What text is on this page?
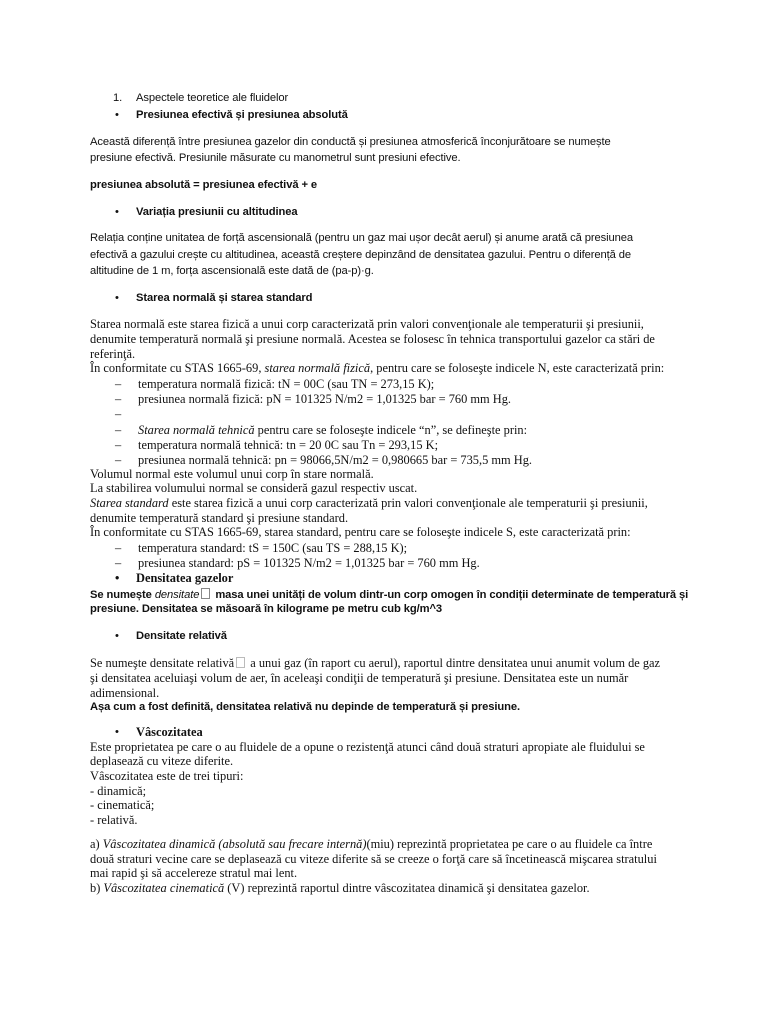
1. Aspectele teoretice ale fluidelor
• Presiunea efectivă și presiunea absolută
Această diferență între presiunea gazelor din conductă și presiunea atmosferică înconjurătoare se numește
presiune efectivă. Presiunile măsurate cu manometrul sunt presiuni efective.
presiunea absolută = presiunea efectivă + e
• Variația presiunii cu altitudinea
Relația conține unitatea de forță ascensională (pentru un gaz mai ușor decât aerul) și anume arată că presiunea
efectivă a gazului crește cu altitudinea, această creștere depinzând de densitatea gazului. Pentru o diferență de
altitudine de 1 m, forța ascensională este dată de (pa-p)·g.
• Starea normală și starea standard
Starea normală este starea fizică a unui corp caracterizată prin valori convenţionale ale temperaturii şi presiunii,
denumite temperatură normală şi presiune normală. Acestea se folosesc în tehnica transportului gazelor ca stări de
referinţă.
În conformitate cu STAS 1665-69, starea normală fizică, pentru care se foloseşte indicele N, este caracterizată prin:
– temperatura normală fizică: tN = 00C (sau TN = 273,15 K);
– presiunea normală fizică: pN = 101325 N/m2 = 1,01325 bar = 760 mm Hg.
–
– Starea normală tehnică pentru care se foloseşte indicele “n”, se defineşte prin:
– temperatura normală tehnică: tn = 20 0C sau Tn = 293,15 K;
– presiunea normală tehnică: pn = 98066,5N/m2 = 0,980665 bar = 735,5 mm Hg.
Volumul normal este volumul unui corp în stare normală.
La stabilirea volumului normal se consideră gazul respectiv uscat.
Starea standard este starea fizică a unui corp caracterizată prin valori convenţionale ale temperaturii şi presiunii,
denumite temperatură standard şi presiune standard.
În conformitate cu STAS 1665-69, starea standard, pentru care se foloseşte indicele S, este caracterizată prin:
– temperatura standard: tS = 150C (sau TS = 288,15 K);
– presiunea standard: pS = 101325 N/m2 = 1,01325 bar = 760 mm Hg.
• Densitatea gazelor
Se numește densitate masa unei unități de volum dintr-un corp omogen în condiții determinate de temperatură și
presiune. Densitatea se măsoară în kilograme pe metru cub kg/m^3
• Densitate relativă
Se numeşte densitate relativă a unui gaz (în raport cu aerul), raportul dintre densitatea unui anumit volum de gaz
şi densitatea aceluiaşi volum de aer, în aceleaşi condiţii de temperatură şi presiune. Densitatea este un număr
adimensional.
Așa cum a fost definită, densitatea relativă nu depinde de temperatură și presiune.
• Vâscozitatea
Este proprietatea pe care o au fluidele de a opune o rezistenţă atunci când două straturi apropiate ale fluidului se
deplasează cu viteze diferite.
Vâscozitatea este de trei tipuri:
- dinamică;
- cinematică;
- relativă.
a) Vâscozitatea dinamică (absolută sau frecare internă)(miu) reprezintă proprietatea pe care o au fluidele ca între
două straturi vecine care se deplasează cu viteze diferite să se creeze o forţă care să încetinească mişcarea stratului
mai rapid şi să accelereze stratul mai lent.
b) Vâscozitatea cinematică (V) reprezintă raportul dintre vâscozitatea dinamică şi densitatea gazelor.
